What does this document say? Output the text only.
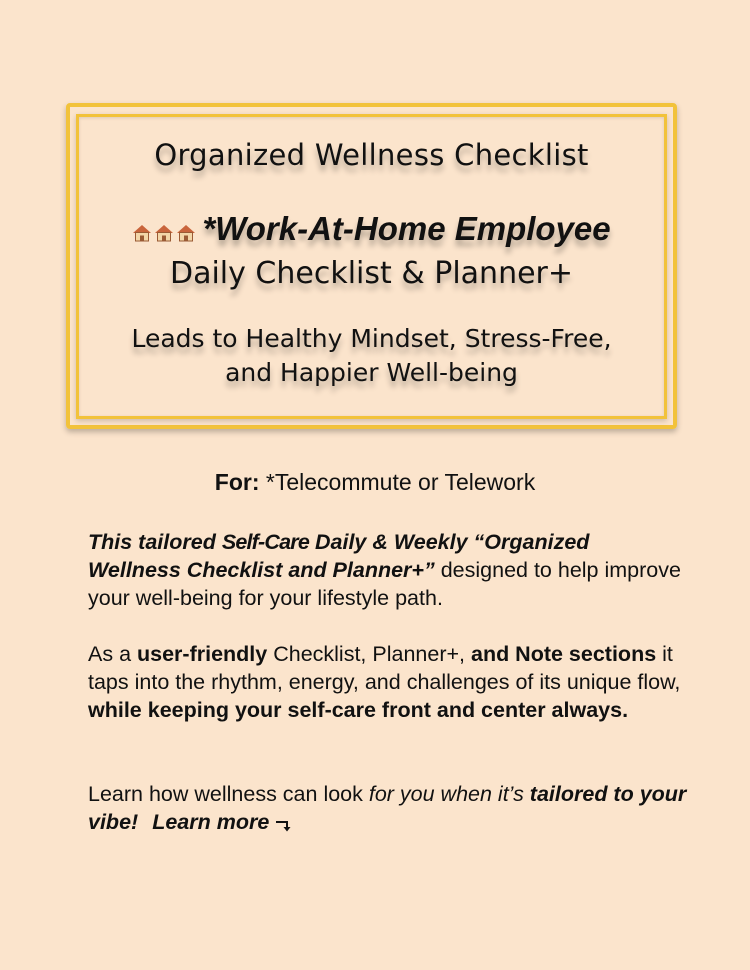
Organized Wellness Checklist
*Work-At-Home Employee
Daily Checklist & Planner+
Leads to Healthy Mindset, Stress-Free,
and Happier Well-being
For: *Telecommute or Telework
This tailored Self-Care Daily & Weekly “Organized Wellness Checklist and Planner+” designed to help improve your well-being for your lifestyle path.
As a user-friendly Checklist, Planner+, and Note sections it taps into the rhythm, energy, and challenges of its unique flow, while keeping your self-care front and center always.
Learn how wellness can look for you when it’s tailored to your vibe! Learn more
